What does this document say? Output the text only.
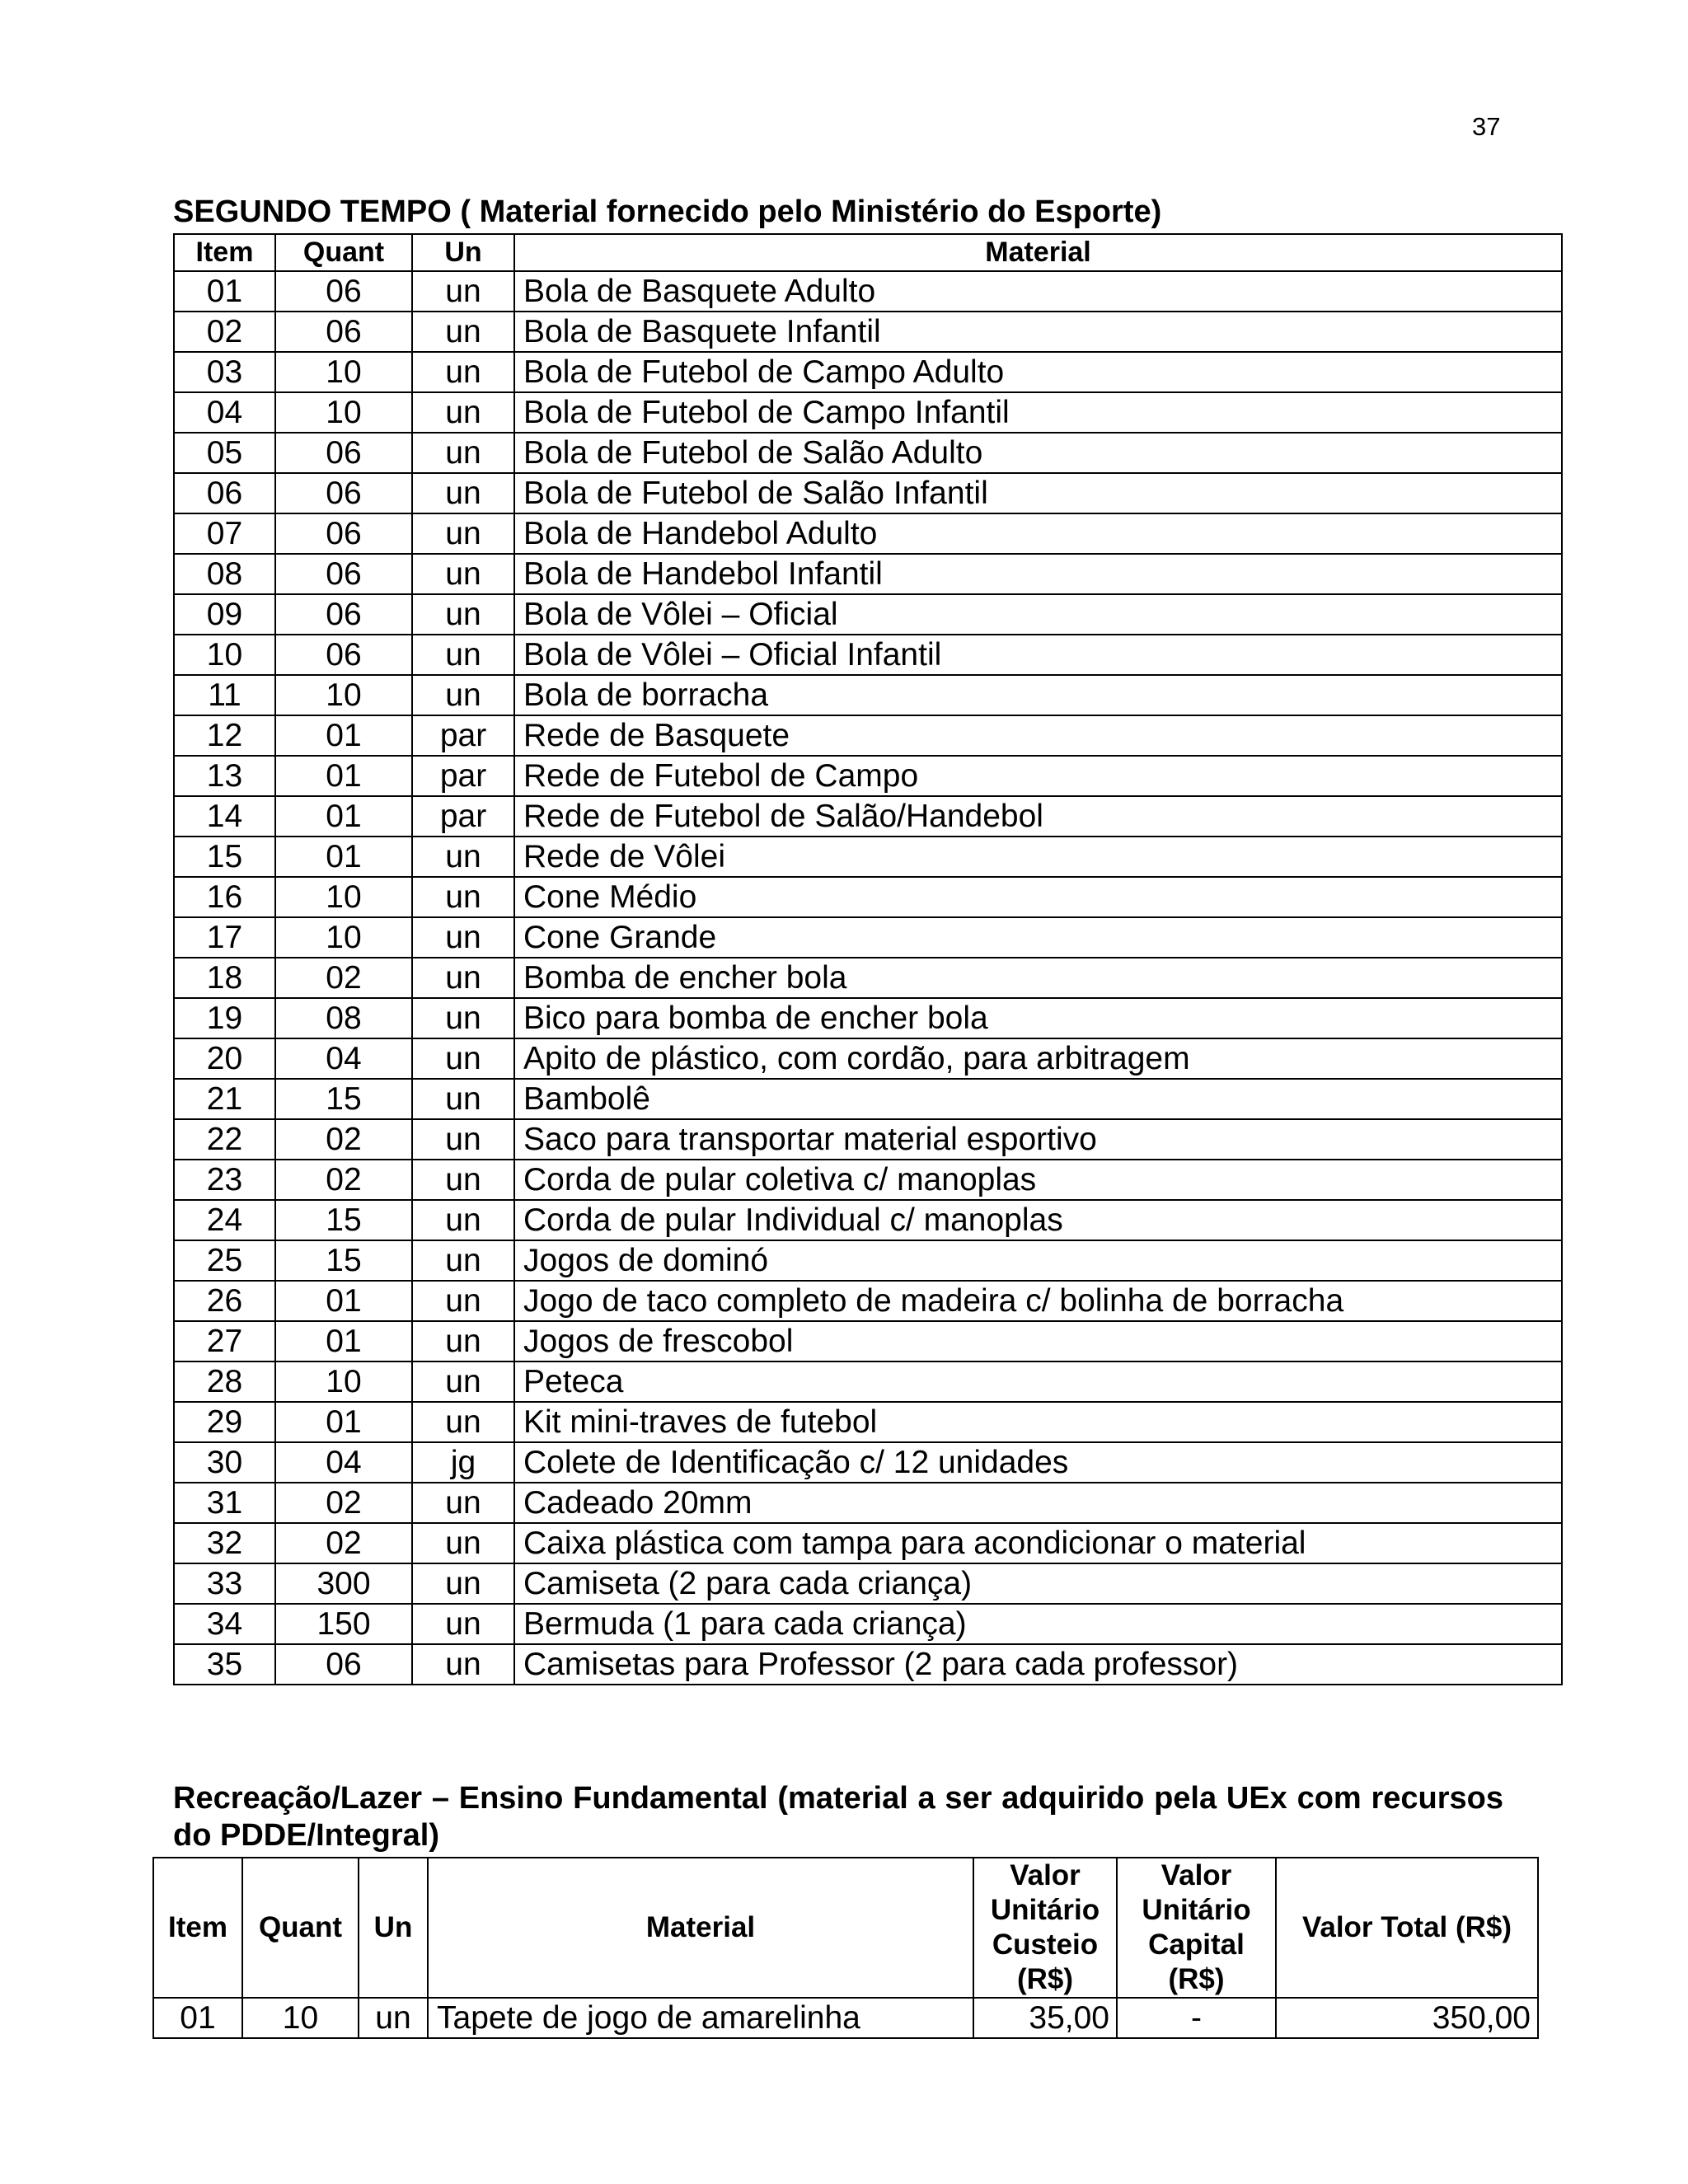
37
SEGUNDO TEMPO ( Material fornecido pelo Ministério do Esporte)
Item	Quant	Un	Material
01	06	un	Bola de Basquete Adulto
02	06	un	Bola de Basquete Infantil
03	10	un	Bola de Futebol de Campo Adulto
04	10	un	Bola de Futebol de Campo Infantil
05	06	un	Bola de Futebol de Salão Adulto
06	06	un	Bola de Futebol de Salão Infantil
07	06	un	Bola de Handebol Adulto
08	06	un	Bola de Handebol Infantil
09	06	un	Bola de Vôlei – Oficial
10	06	un	Bola de Vôlei – Oficial Infantil
11	10	un	Bola de borracha
12	01	par	Rede de Basquete
13	01	par	Rede de Futebol de Campo
14	01	par	Rede de Futebol de Salão/Handebol
15	01	un	Rede de Vôlei
16	10	un	Cone Médio
17	10	un	Cone Grande
18	02	un	Bomba de encher bola
19	08	un	Bico para bomba de encher bola
20	04	un	Apito de plástico, com cordão, para arbitragem
21	15	un	Bambolê
22	02	un	Saco para transportar material esportivo
23	02	un	Corda de pular coletiva c/ manoplas
24	15	un	Corda de pular Individual c/ manoplas
25	15	un	Jogos de dominó
26	01	un	Jogo de taco completo de madeira c/ bolinha de borracha
27	01	un	Jogos de frescobol
28	10	un	Peteca
29	01	un	Kit mini-traves de futebol
30	04	jg	Colete de Identificação c/ 12 unidades
31	02	un	Cadeado 20mm
32	02	un	Caixa plástica com tampa para acondicionar o material
33	300	un	Camiseta (2 para cada criança)
34	150	un	Bermuda (1 para cada criança)
35	06	un	Camisetas para Professor (2 para cada professor)
Recreação/Lazer – Ensino Fundamental (material a ser adquirido pela UEx com recursos do PDDE/Integral)
Item	Quant	Un	Material	Valor Unitário Custeio (R$)	Valor Unitário Capital (R$)	Valor Total (R$)
01	10	un	Tapete de jogo de amarelinha	35,00	-	350,00
